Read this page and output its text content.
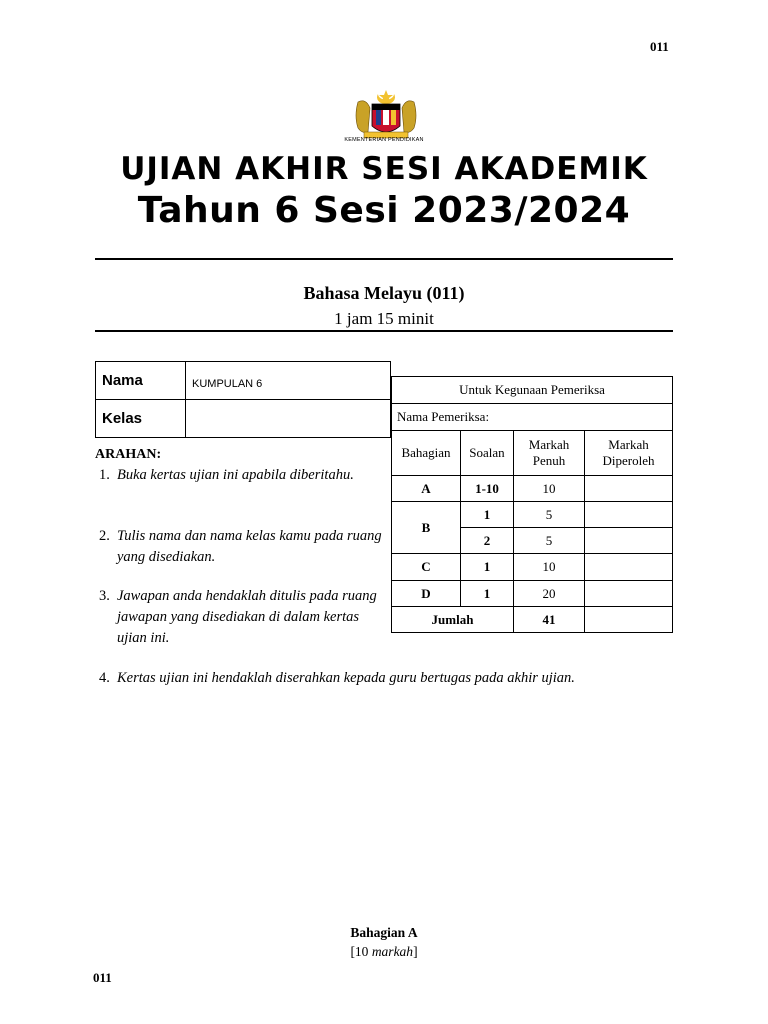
011
KEMENTERIAN PENDIDIKAN
UJIAN AKHIR SESI AKADEMIK
Tahun 6 Sesi 2023/2024
Bahasa Melayu (011)
1 jam 15 minit
Nama	KUMPULAN 6
Kelas	
Untuk Kegunaan Pemeriksa			
Nama Pemeriksa:			
Bahagian	Soalan	Markah Penuh	Markah Diperoleh
A	1-10	10	
B	1	5	
	2	5	
C	1	10	
D	1	20	
Jumlah		41	
ARAHAN:
1. Buka kertas ujian ini apabila diberitahu.
2. Tulis nama dan nama kelas kamu pada ruang yang disediakan.
3. Jawapan anda hendaklah ditulis pada ruang jawapan yang disediakan di dalam kertas ujian ini.
4. Kertas ujian ini hendaklah diserahkan kepada guru bertugas pada akhir ujian.
Bahagian A
[10 markah]
011
